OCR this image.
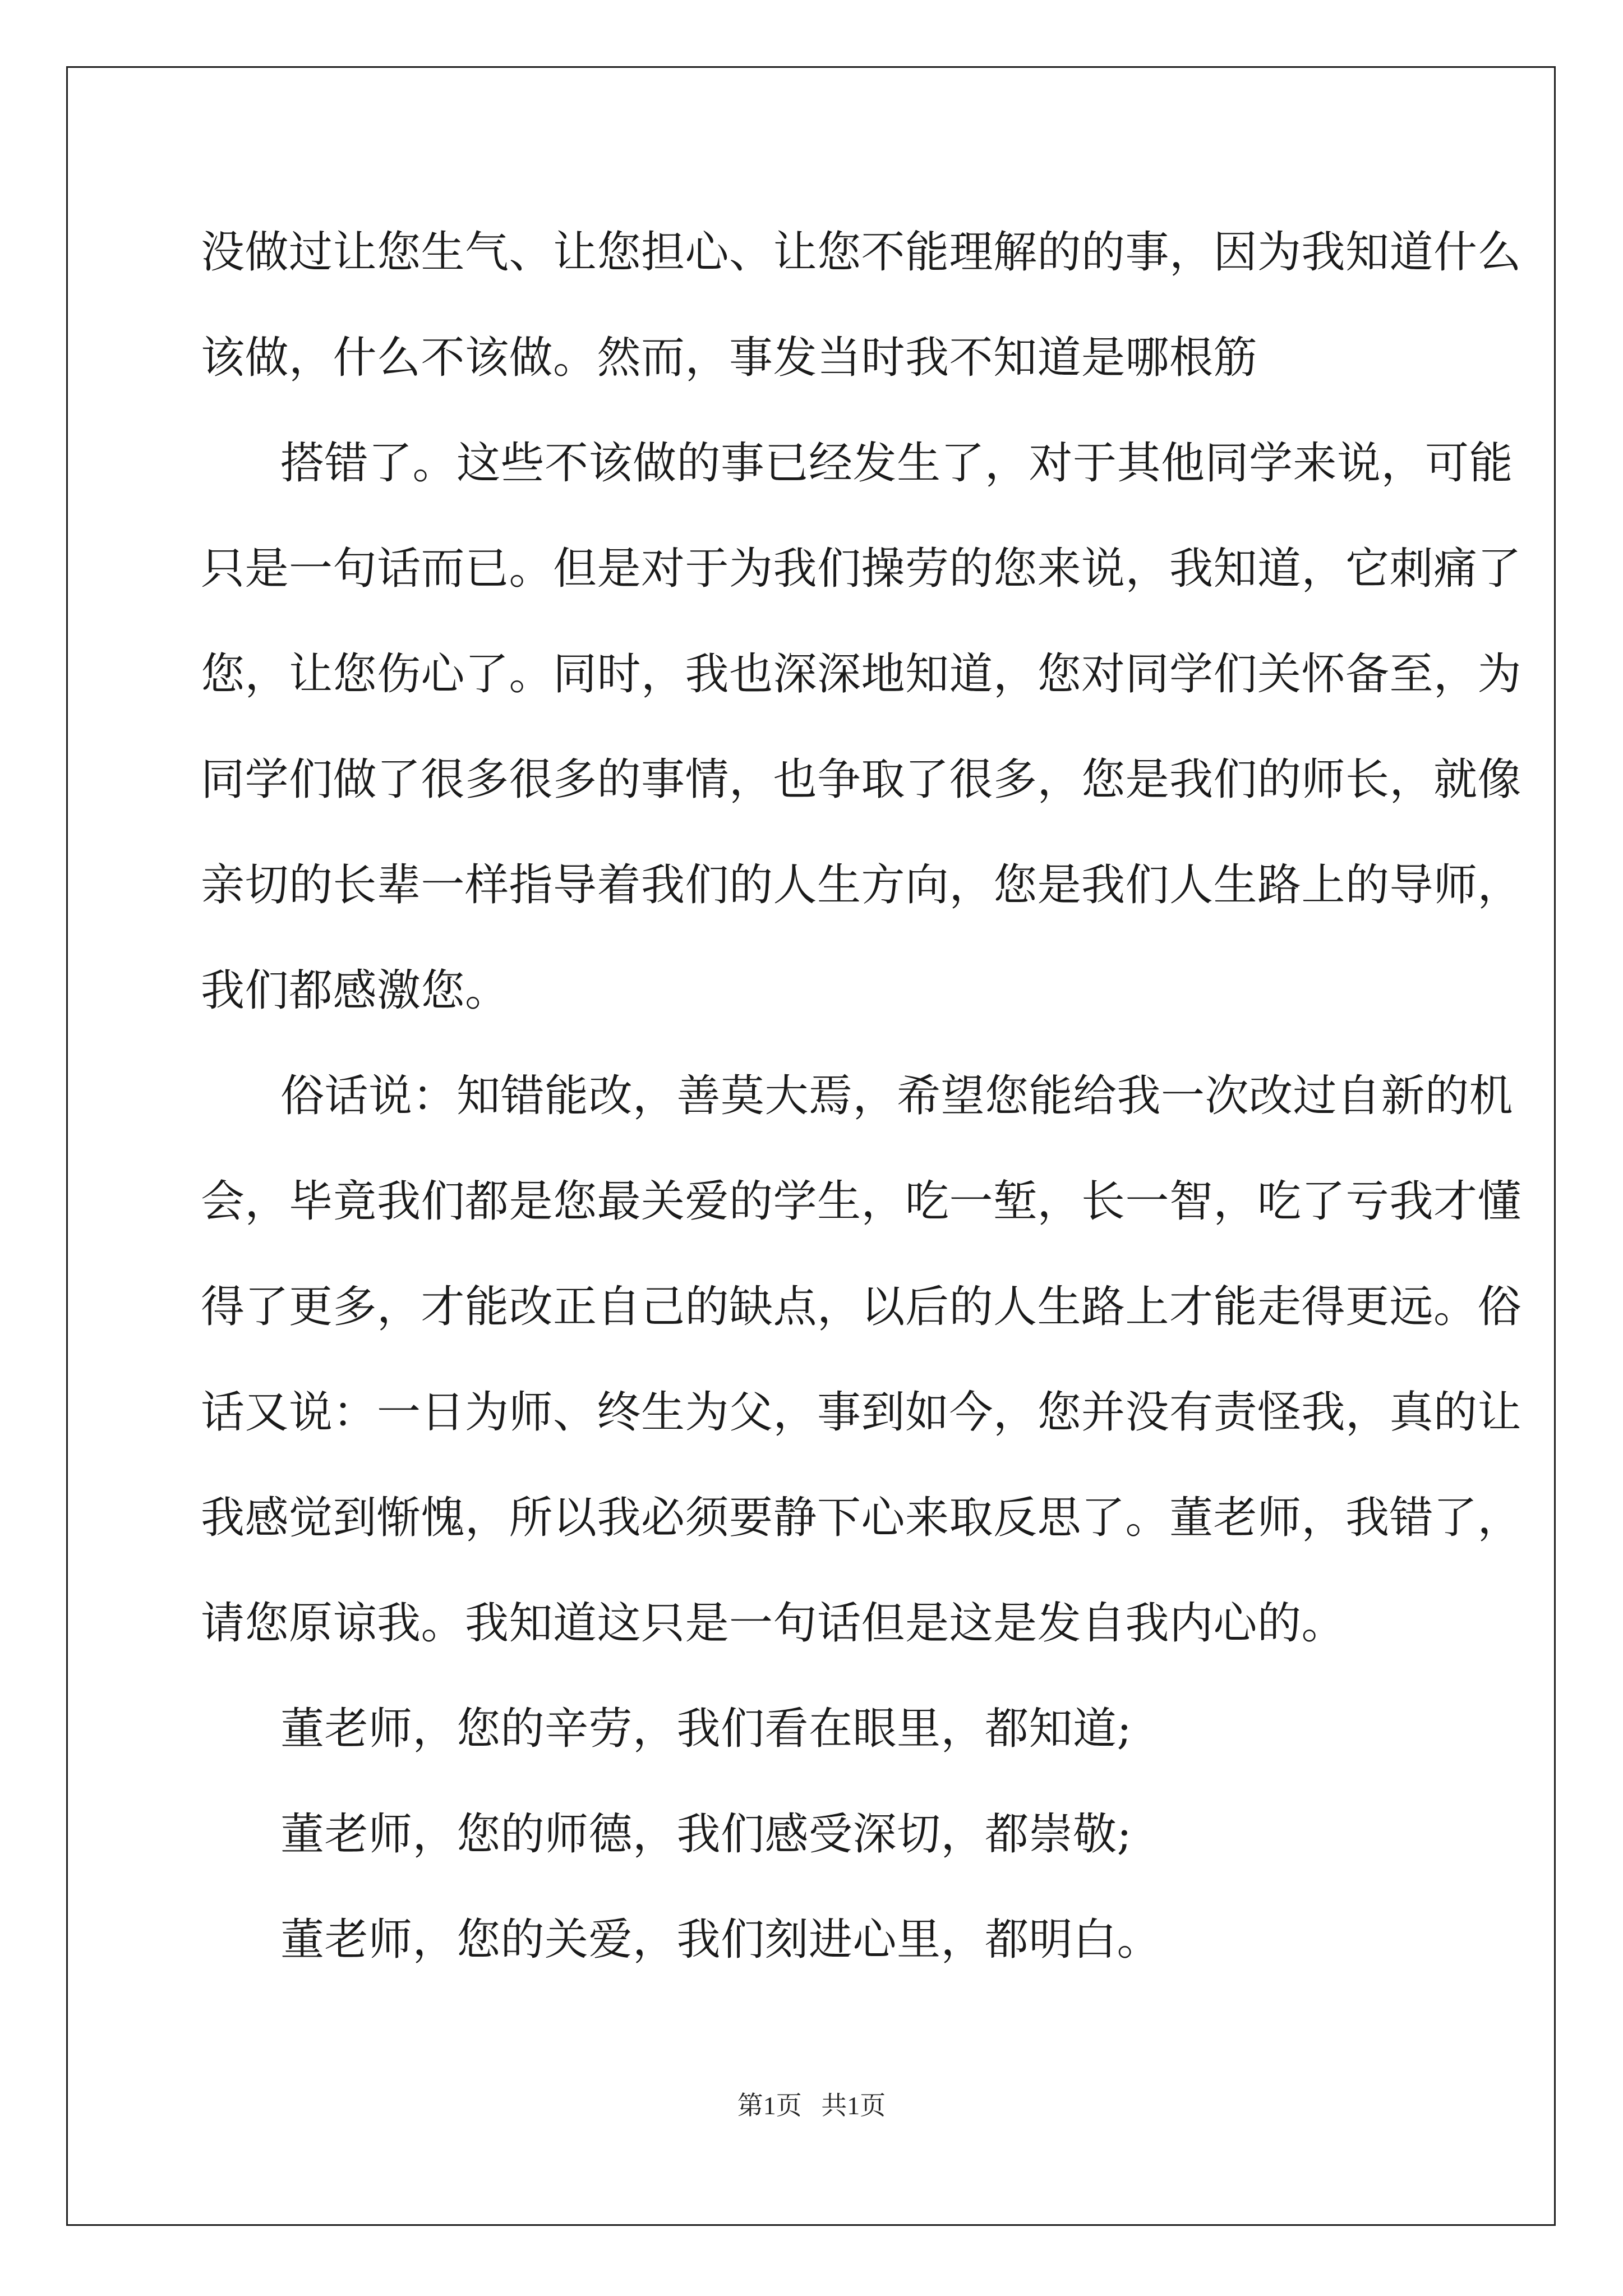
没做过让您生气、让您担心、让您不能理解的的事，因为我知道什么
该做，什么不该做。然而，事发当时我不知道是哪根筋
搭错了。这些不该做的事已经发生了，对于其他同学来说，可能
只是一句话而已。但是对于为我们操劳的您来说，我知道，它刺痛了
您，让您伤心了。同时，我也深深地知道，您对同学们关怀备至，为
同学们做了很多很多的事情，也争取了很多，您是我们的师长，就像
亲切的长辈一样指导着我们的人生方向，您是我们人生路上的导师，
我们都感激您。
俗话说：知错能改，善莫大焉，希望您能给我一次改过自新的机
会，毕竟我们都是您最关爱的学生，吃一堑，长一智，吃了亏我才懂
得了更多，才能改正自己的缺点，以后的人生路上才能走得更远。俗
话又说：一日为师、终生为父，事到如今，您并没有责怪我，真的让
我感觉到惭愧，所以我必须要静下心来取反思了。董老师，我错了，
请您原谅我。我知道这只是一句话但是这是发自我内心的。
董老师，您的辛劳，我们看在眼里，都知道;
董老师，您的师德，我们感受深切，都崇敬;
董老师，您的关爱，我们刻进心里，都明白。
第1页   共1页
